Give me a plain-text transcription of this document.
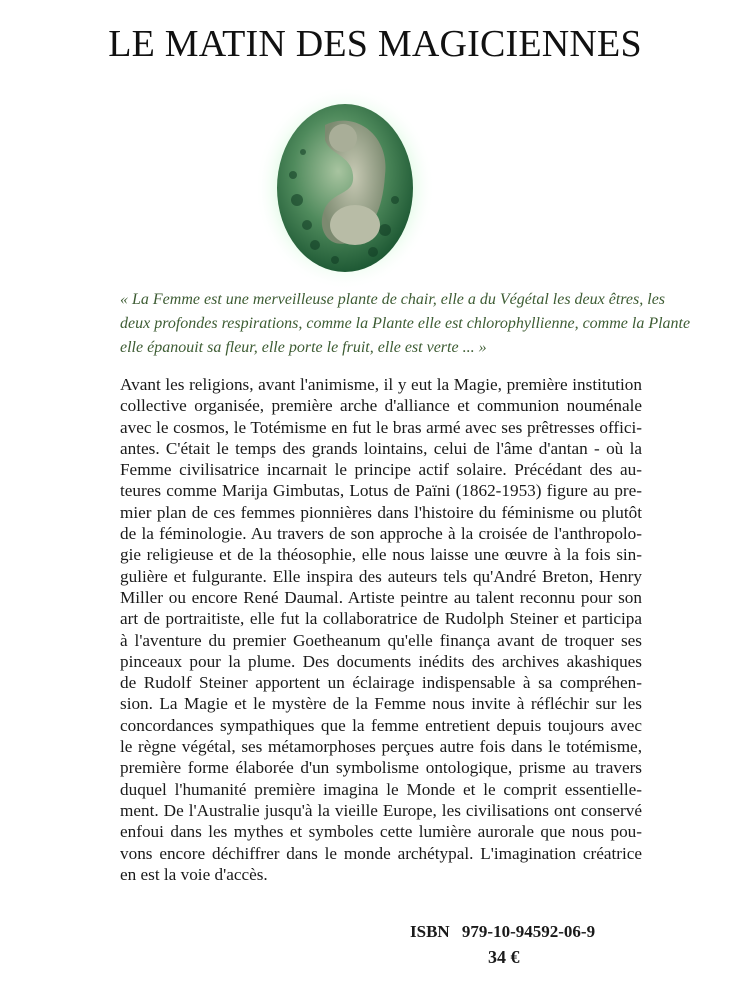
LE MATIN DES MAGICIENNES
« La Femme est une merveilleuse plante de chair, elle a du Végétal les deux êtres, les
deux profondes respirations, comme la Plante elle est chlorophyllienne, comme la Plante
elle épanouit sa fleur, elle porte le fruit, elle est verte ... »
Avant les religions, avant l'animisme, il y eut la Magie, première institution
collective organisée, première arche d'alliance et communion nouménale
avec le cosmos, le Totémisme en fut le bras armé avec ses prêtresses offici-
antes. C'était le temps des grands lointains, celui de l'âme d'antan - où la
Femme civilisatrice incarnait le principe actif solaire. Précédant des au-
teures comme Marija Gimbutas, Lotus de Païni (1862-1953) figure au pre-
mier plan de ces femmes pionnières dans l'histoire du féminisme ou plutôt
de la féminologie. Au travers de son approche à la croisée de l'anthropolo-
gie religieuse et de la théosophie, elle nous laisse une œuvre à la fois sin-
gulière et fulgurante. Elle inspira des auteurs tels qu'André Breton, Henry
Miller ou encore René Daumal. Artiste peintre au talent reconnu pour son
art de portraitiste, elle fut la collaboratrice de Rudolph Steiner et participa
à l'aventure du premier Goetheanum qu'elle finança avant de troquer ses
pinceaux pour la plume. Des documents inédits des archives akashiques
de Rudolf Steiner apportent un éclairage indispensable à sa compréhen-
sion. La Magie et le mystère de la Femme nous invite à réfléchir sur les
concordances sympathiques que la femme entretient depuis toujours avec
le règne végétal, ses métamorphoses perçues autre fois dans le totémisme,
première forme élaborée d'un symbolisme ontologique, prisme au travers
duquel l'humanité première imagina le Monde et le comprit essentielle-
ment. De l'Australie jusqu'à la vieille Europe, les civilisations ont conservé
enfoui dans les mythes et symboles cette lumière aurorale que nous pou-
vons encore déchiffrer dans le monde archétypal. L'imagination créatrice
en est la voie d'accès.
ISBN 979-10-94592-06-9
34 €
